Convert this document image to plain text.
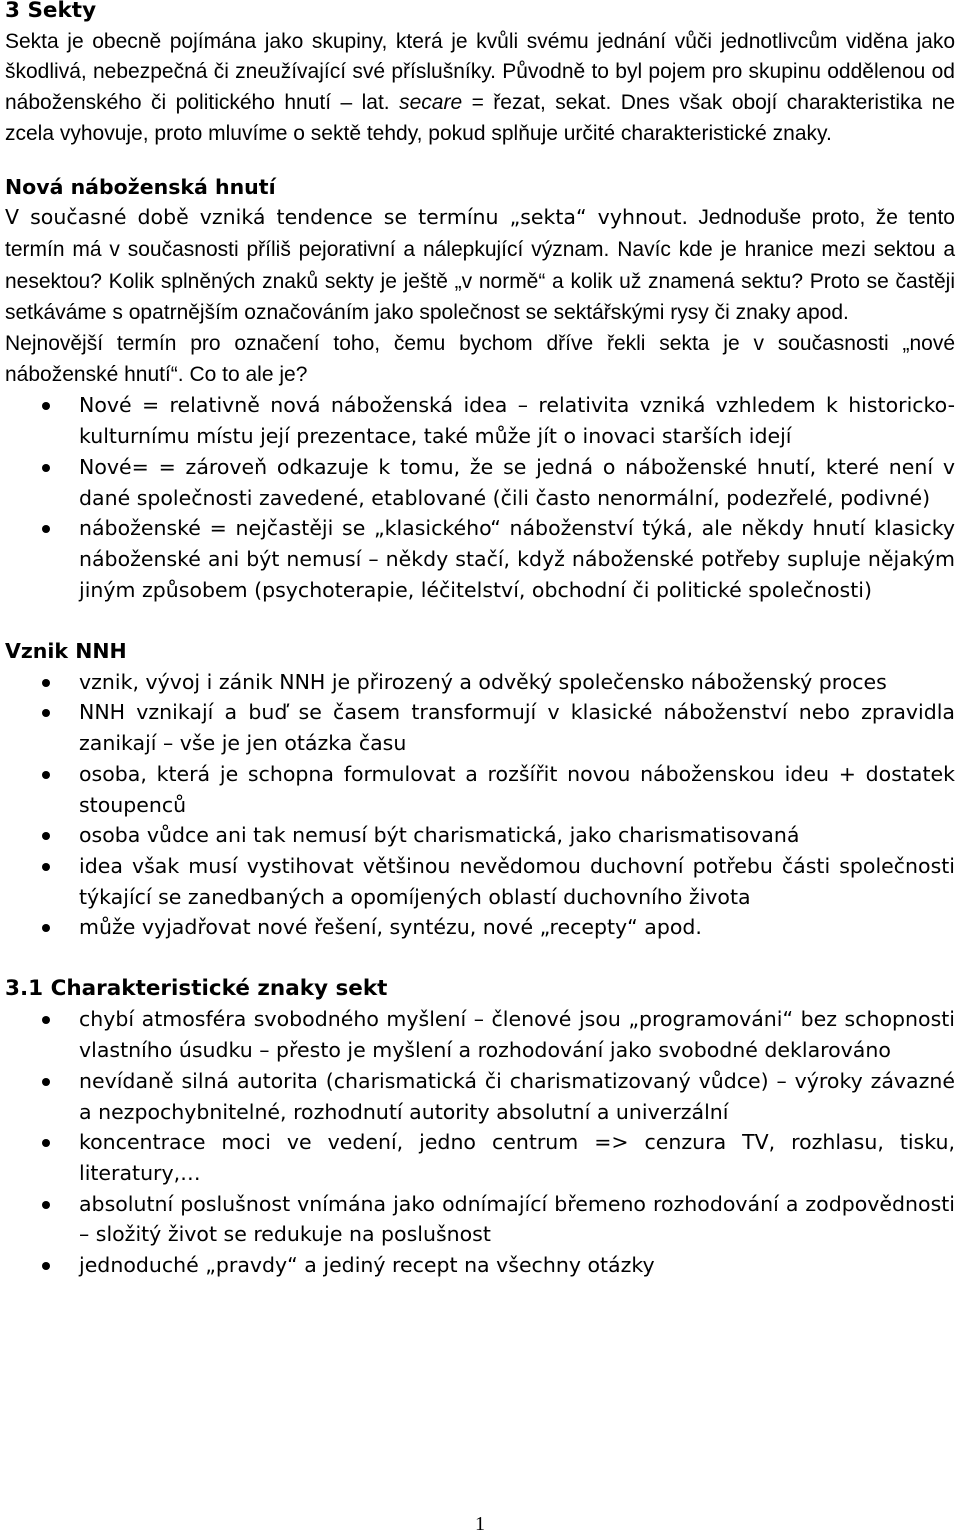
3 Sekty

Sekta je obecně pojímána jako skupiny, která je kvůli svému jednání vůči jednotlivcům viděna jako škodlivá, nebezpečná či zneužívající své příslušníky. Původně to byl pojem pro skupinu oddělenou od náboženského či politického hnutí – lat. secare = řezat, sekat. Dnes však obojí charakteristika ne zcela vyhovuje, proto mluvíme o sektě tehdy, pokud splňuje určité charakteristické znaky.

Nová náboženská hnutí

V současné době vzniká tendence se termínu „sekta“ vyhnout. Jednoduše proto, že tento termín má v současnosti příliš pejorativní a nálepkující význam. Navíc kde je hranice mezi sektou a nesektou? Kolik splněných znaků sekty je ještě „v normě“ a kolik už znamená sektu? Proto se častěji setkáváme s opatrnějším označováním jako společnost se sektářskými rysy či znaky apod.

Nejnovější termín pro označení toho, čemu bychom dříve řekli sekta je v současnosti „nové náboženské hnutí“. Co to ale je?

Nové = relativně nová náboženská idea – relativita vzniká vzhledem k historicko-kulturnímu místu její prezentace, také může jít o inovaci starších idejí
Nové= = zároveň odkazuje k tomu, že se jedná o náboženské hnutí, které není v dané společnosti zavedené, etablované (čili často nenormální, podezřelé, podivné)
náboženské = nejčastěji se „klasického“ náboženství týká, ale někdy hnutí klasicky náboženské ani být nemusí – někdy stačí, když náboženské potřeby supluje nějakým jiným způsobem (psychoterapie, léčitelství, obchodní či politické společnosti)
Vznik NNH
vznik, vývoj i zánik NNH je přirozený a odvěký společensko náboženský proces
NNH vznikají a buď se časem transformují v klasické náboženství nebo zpravidla zanikají – vše je jen otázka času
osoba, která je schopna formulovat a rozšířit novou náboženskou ideu + dostatek stoupenců
osoba vůdce ani tak nemusí být charismatická, jako charismatisovaná
idea však musí vystihovat většinou nevědomou duchovní potřebu části společnosti týkající se zanedbaných a opomíjených oblastí duchovního života
může vyjadřovat nové řešení, syntézu, nové „recepty“ apod.
3.1 Charakteristické znaky sekt
chybí atmosféra svobodného myšlení – členové jsou „programováni“ bez schopnosti vlastního úsudku – přesto je myšlení a rozhodování jako svobodné deklarováno
nevídaně silná autorita (charismatická či charismatizovaný vůdce) – výroky závazné a nezpochybnitelné, rozhodnutí autority absolutní a univerzální
koncentrace moci ve vedení, jedno centrum => cenzura TV, rozhlasu, tisku, literatury,…
absolutní poslušnost vnímána jako odnímající břemeno rozhodování a zodpovědnosti – složitý život se redukuje na poslušnost
jednoduché „pravdy“ a jediný recept na všechny otázky
1
